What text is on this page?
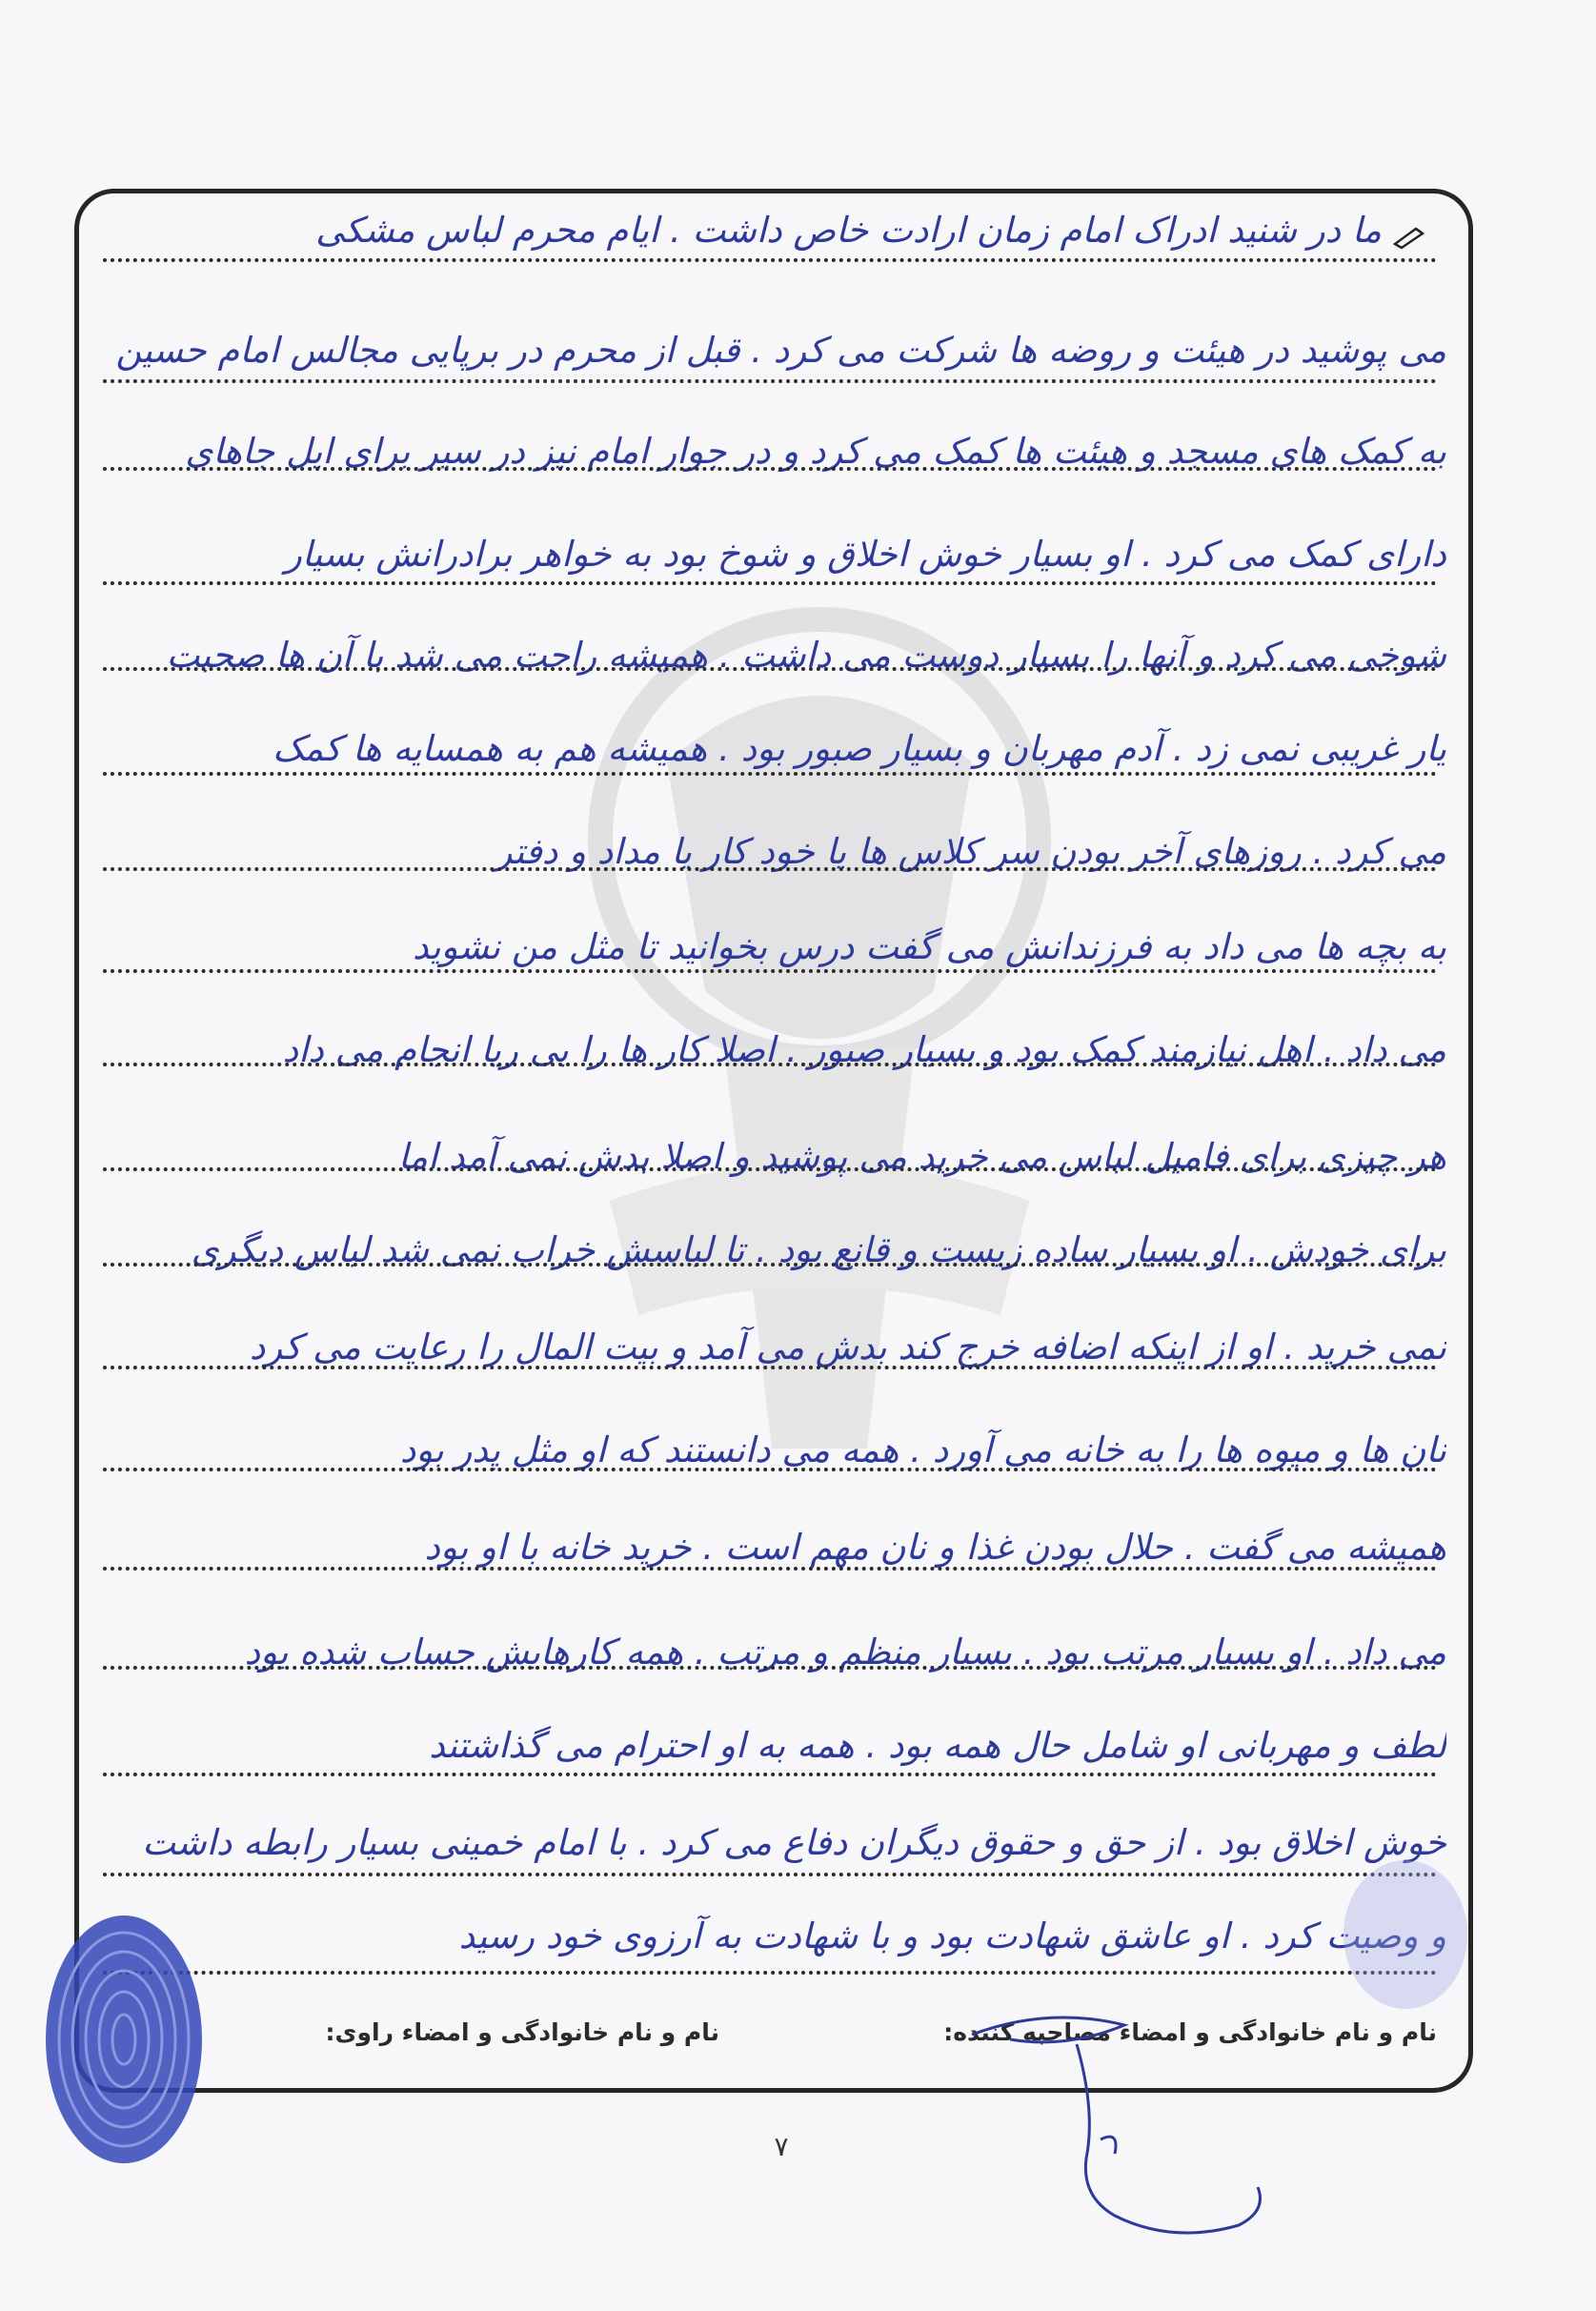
ما در شنید ادراک امام زمان ارادت خاص داشت . ایام محرم لباس مشکی
می پوشید در هیئت و روضه ها شرکت می کرد . قبل از محرم در برپایی مجالس امام حسین
به کمک های مسجد و هیئت ها کمک می کرد و در جوار امام نیز در سیر برای ایل جاهای
دارای کمک می کرد . او بسیار خوش اخلاق و شوخ بود به خواهر برادرانش بسیار
شوخی می کرد و آنها را بسیار دوست می داشت . همیشه راحت می شد با آن ها صحبت
یار غریبی نمی زد . آدم مهربان و بسیار صبور بود . همیشه هم به همسایه ها کمک
می کرد . روزهای آخر بودن سر کلاس ها یا خود کار یا مداد و دفتر
به بچه ها می داد به فرزندانش می گفت درس بخوانید تا مثل من نشوید
می داد . اهل نیازمند کمک بود و بسیار صبور . اصلا کار ها را بی ریا انجام می داد
هر چیزی برای فامیل لباس می خرید می پوشید و اصلا بدش نمی آمد اما
برای خودش . او بسیار ساده زیست و قانع بود . تا لباسش خراب نمی شد لباس دیگری
نمی خرید . او از اینکه اضافه خرج کند بدش می آمد و بیت المال را رعایت می کرد
نان ها و میوه ها را به خانه می آورد . همه می دانستند که او مثل پدر بود
همیشه می گفت . حلال بودن غذا و نان مهم است . خرید خانه با او بود
می داد . او بسیار مرتب بود . بسیار منظم و مرتب . همه کارهایش حساب شده بود
لطف و مهربانی او شامل حال همه بود . همه به او احترام می گذاشتند
خوش اخلاق بود . از حق و حقوق دیگران دفاع می کرد . با امام خمینی بسیار رابطه داشت
و وصیت کرد . او عاشق شهادت بود و با شهادت به آرزوی خود رسید
نام و نام خانوادگی و امضاء مصاحبه کننده:
نام و نام خانوادگی و امضاء راوی:
۷
